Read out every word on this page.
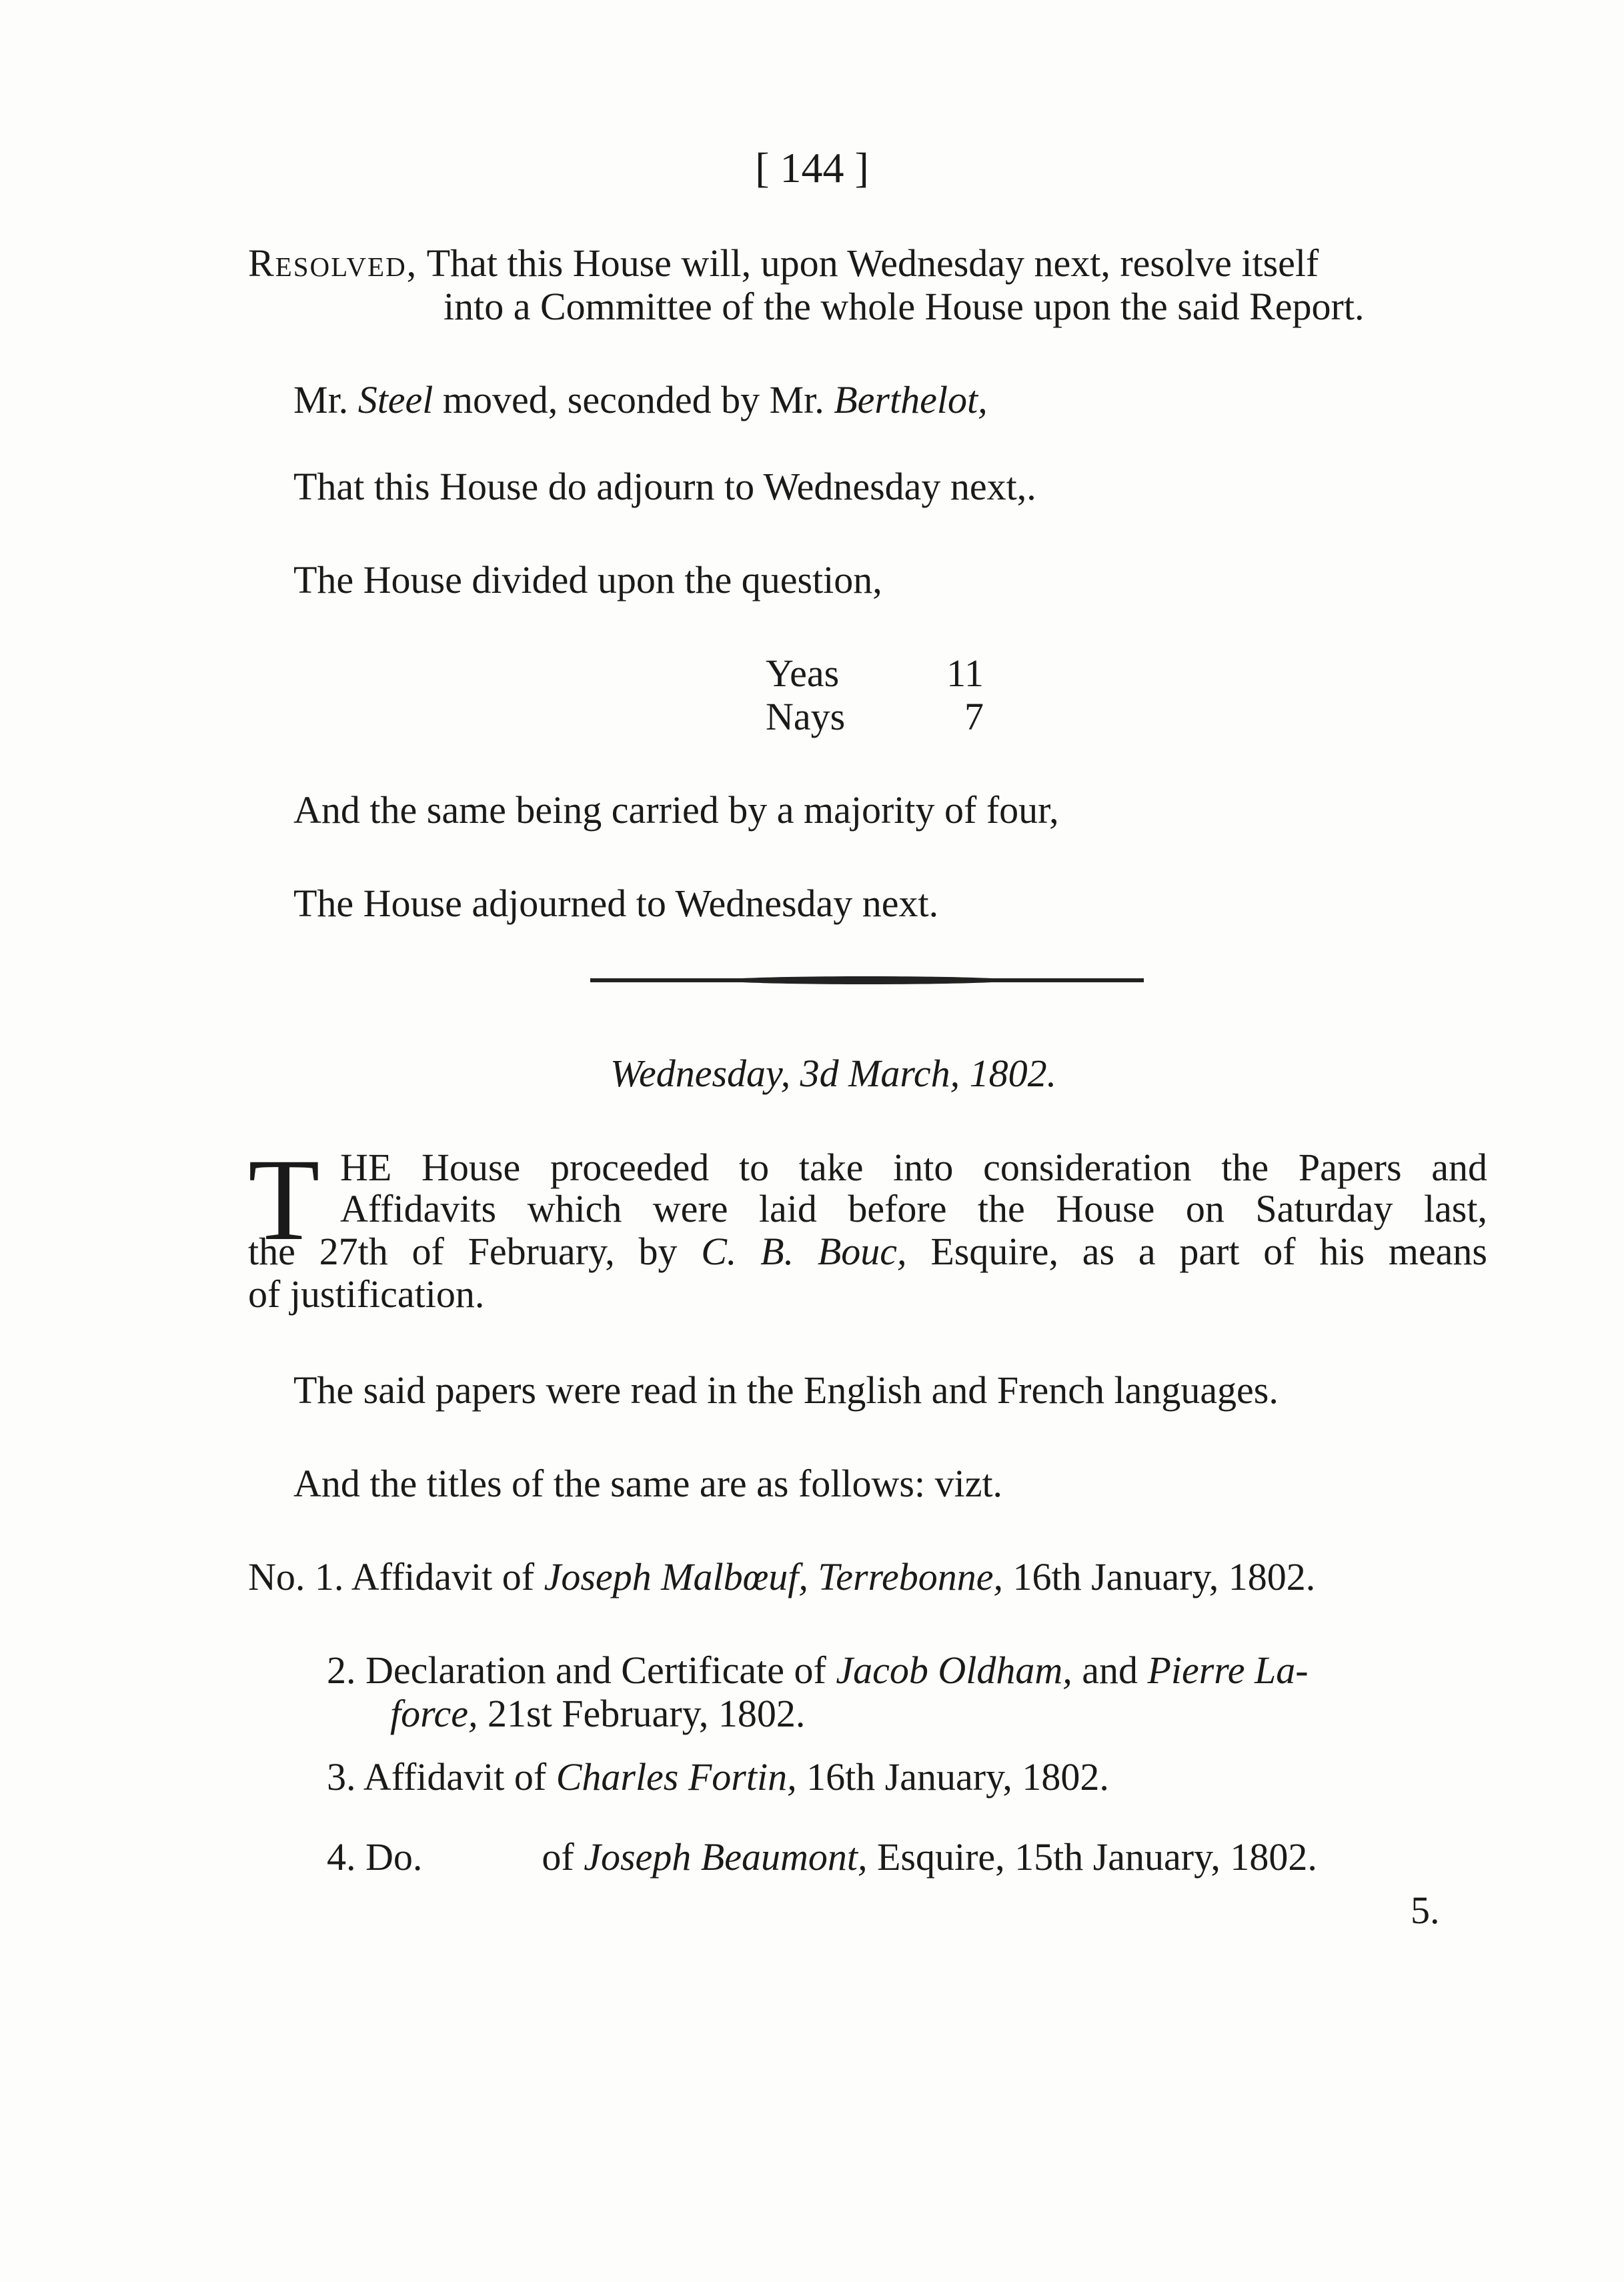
[ 144 ]
Resolved, That this House will, upon Wednesday next, resolve itself
into a Committee of the whole House upon the said Report.
Mr. Steel moved, seconded by Mr. Berthelot,
That this House do adjourn to Wednesday next,.
The House divided upon the question,
Yeas	11
Nays	7
And the same being carried by a majority of four,
The House adjourned to Wednesday next.
Wednesday, 3d March, 1802.
T HE House proceeded to take into consideration the Papers and
Affidavits which were laid before the House on Saturday last,
the 27th of February, by C. B. Bouc, Esquire, as a part of his means
of justification.
The said papers were read in the English and French languages.
And the titles of the same are as follows: vizt.
No. 1. Affidavit of Joseph Malbœuf, Terrebonne, 16th January, 1802.
2. Declaration and Certificate of Jacob Oldham, and Pierre La-
force, 21st February, 1802.
3. Affidavit of Charles Fortin, 16th January, 1802.
4. Do.	of Joseph Beaumont, Esquire, 15th January, 1802.
5.
